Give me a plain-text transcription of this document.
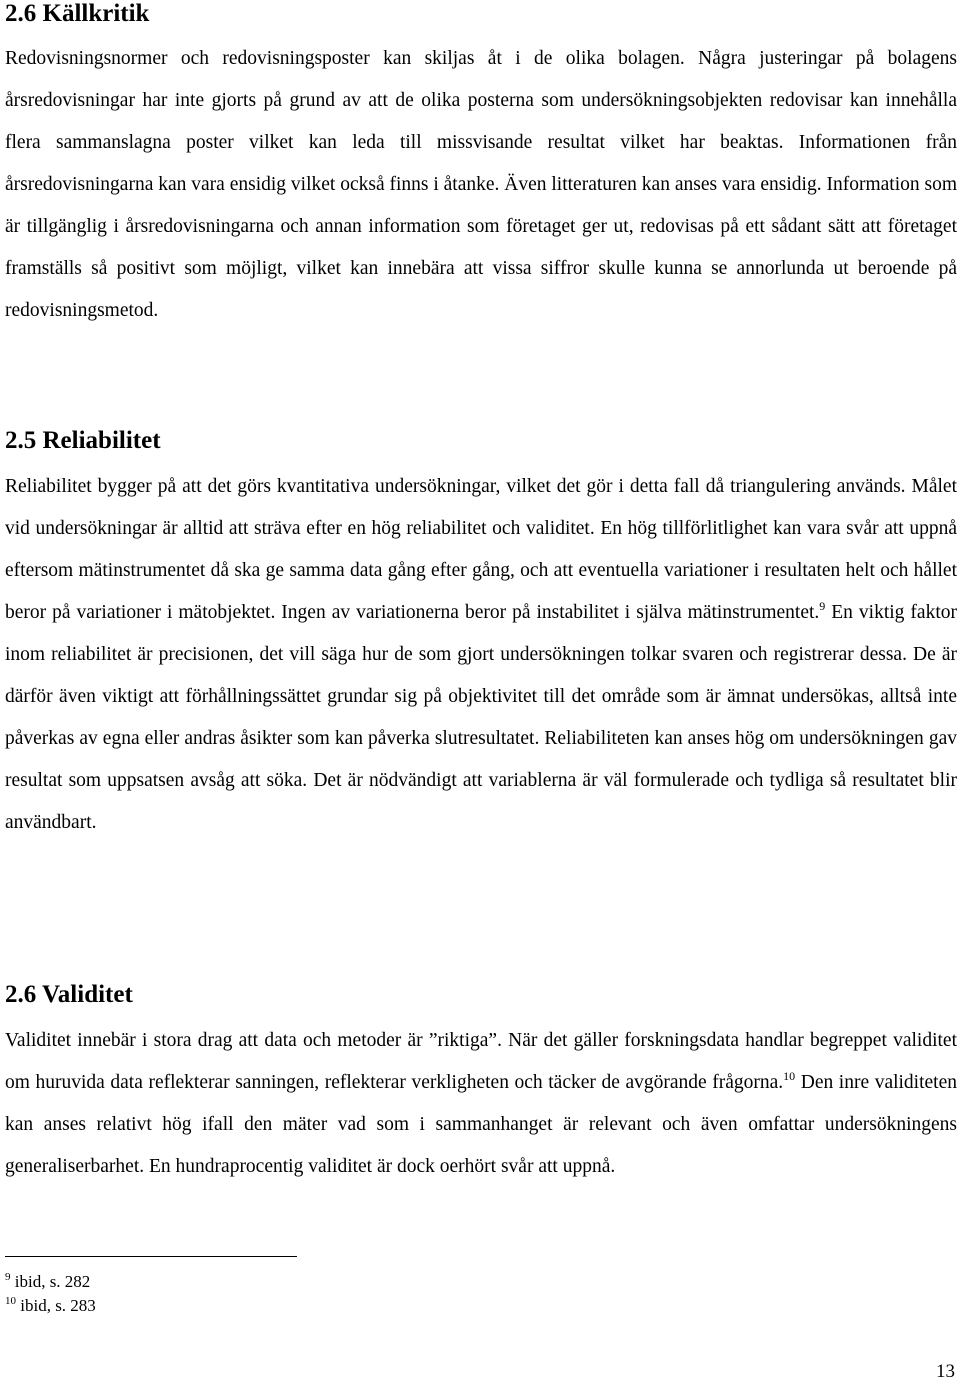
2.6 Källkritik

Redovisningsnormer och redovisningsposter kan skiljas åt i de olika bolagen. Några justeringar på bolagens årsredovisningar har inte gjorts på grund av att de olika posterna som undersökningsobjekten redovisar kan innehålla flera sammanslagna poster vilket kan leda till missvisande resultat vilket har beaktas. Informationen från årsredovisningarna kan vara ensidig vilket också finns i åtanke. Även litteraturen kan anses vara ensidig. Information som är tillgänglig i årsredovisningarna och annan information som företaget ger ut, redovisas på ett sådant sätt att företaget framställs så positivt som möjligt, vilket kan innebära att vissa siffror skulle kunna se annorlunda ut beroende på redovisningsmetod.

2.5 Reliabilitet

Reliabilitet bygger på att det görs kvantitativa undersökningar, vilket det gör i detta fall då triangulering används. Målet vid undersökningar är alltid att sträva efter en hög reliabilitet och validitet. En hög tillförlitlighet kan vara svår att uppnå eftersom mätinstrumentet då ska ge samma data gång efter gång, och att eventuella variationer i resultaten helt och hållet beror på variationer i mätobjektet. Ingen av variationerna beror på instabilitet i själva mätinstrumentet.$^9$ En viktig faktor inom reliabilitet är precisionen, det vill säga hur de som gjort undersökningen tolkar svaren och registrerar dessa. De är därför även viktigt att förhållningssättet grundar sig på objektivitet till det område som är ämnat undersökas, alltså inte påverkas av egna eller andras åsikter som kan påverka slutresultatet. Reliabiliteten kan anses hög om undersökningen gav resultat som uppsatsen avsåg att söka. Det är nödvändigt att variablerna är väl formulerade och tydliga så resultatet blir användbart.

2.6 Validitet

Validitet innebär i stora drag att data och metoder är ”riktiga”. När det gäller forskningsdata handlar begreppet validitet om huruvida data reflekterar sanningen, reflekterar verkligheten och täcker de avgörande frågorna.$^{10}$ Den inre validiteten kan anses relativt hög ifall den mäter vad som i sammanhanget är relevant och även omfattar undersökningens generaliserbarhet. En hundraprocentig validitet är dock oerhört svår att uppnå.

$^9$ ibid, s. 282
$^{10}$ ibid, s. 283
13
